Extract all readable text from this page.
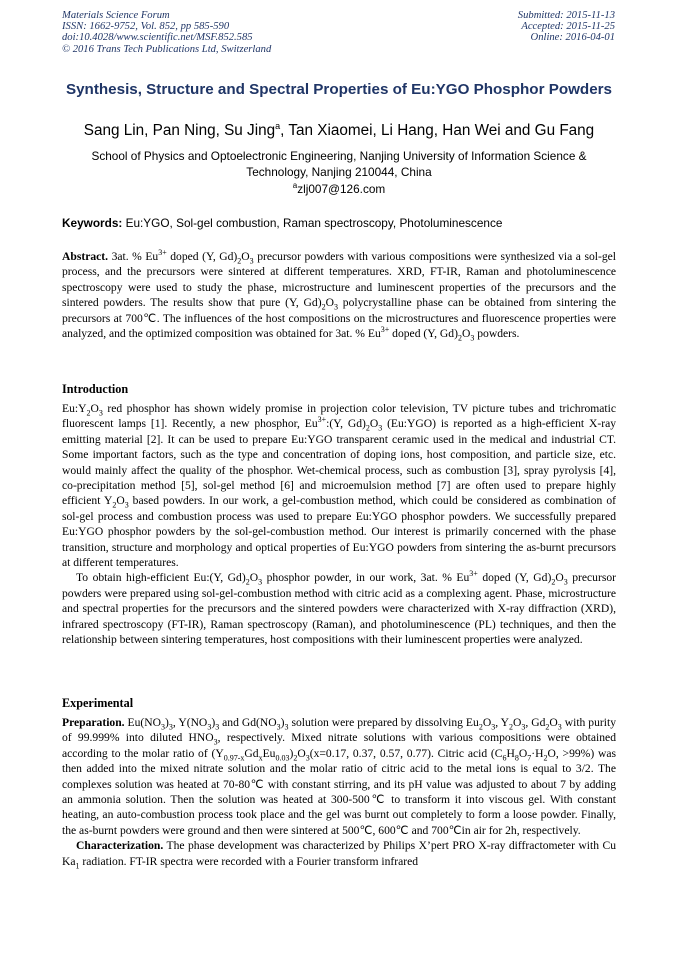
Materials Science Forum
ISSN: 1662-9752, Vol. 852, pp 585-590
doi:10.4028/www.scientific.net/MSF.852.585
© 2016 Trans Tech Publications Ltd, Switzerland
Submitted: 2015-11-13
Accepted: 2015-11-25
Online: 2016-04-01
Synthesis, Structure and Spectral Properties of Eu:YGO Phosphor Powders
Sang Lin, Pan Ning, Su Jing$^a$, Tan Xiaomei, Li Hang, Han Wei and Gu Fang
School of Physics and Optoelectronic Engineering, Nanjing University of Information Science & Technology, Nanjing 210044, China
$^a$zlj007@126.com
Keywords: Eu:YGO, Sol-gel combustion, Raman spectroscopy, Photoluminescence

Abstract. 3at. % $Eu^{3+}$ doped (Y, $Gd)_2O_3$ precursor powders with various compositions were synthesized via a sol-gel process, and the precursors were sintered at different temperatures. XRD, FT-IR, Raman and photoluminescence spectroscopy were used to study the phase, microstructure and luminescent properties of the precursors and the sintered powders. The results show that pure (Y, $Gd)_2O_3$ polycrystalline phase can be obtained from sintering the precursors at 700℃. The influences of the host compositions on the microstructures and fluorescence properties were analyzed, and the optimized composition was obtained for 3at. % $Eu^{3+}$ doped (Y, $Gd)_2O_3$ powders.

Introduction

$Eu:Y_2O_3$ red phosphor has shown widely promise in projection color television, TV picture tubes and trichromatic fluorescent lamps [1]. Recently, a new phosphor, $Eu^{3+}:(Y$, $Gd)_2O_3$ (Eu:YGO) is reported as a high-efficient X-ray emitting material [2]. It can be used to prepare Eu:YGO transparent ceramic used in the medical and industrial CT. Some important factors, such as the type and concentration of doping ions, host composition, and particle size, etc. would mainly affect the quality of the phosphor. Wet-chemical process, such as combustion [3], spray pyrolysis [4], co-precipitation method [5], sol-gel method [6] and microemulsion method [7] are often used to prepare highly efficient $Y_2O_3$ based powders. In our work, a gel-combustion method, which could be considered as combination of sol-gel process and combustion process was used to prepare Eu:YGO phosphor powders. We successfully prepared Eu:YGO phosphor powders by the sol-gel-combustion method. Our interest is primarily concerned with the phase transition, structure and morphology and optical properties of Eu:YGO powders from sintering the as-burnt precursors at different temperatures.

To obtain high-efficient Eu:(Y, $Gd)_2O_3$ phosphor powder, in our work, 3at. % $Eu^{3+}$ doped (Y, $Gd)_2O_3$ precursor powders were prepared using sol-gel-combustion method with citric acid as a complexing agent. Phase, microstructure and spectral properties for the precursors and the sintered powders were characterized with X-ray diffraction (XRD), infrared spectroscopy (FT-IR), Raman spectroscopy (Raman), and photoluminescence (PL) techniques, and then the relationship between sintering temperatures, host compositions with their luminescent properties were analyzed.

Experimental

Preparation. $Eu(NO_3)_3$, $Y(NO_3)_3$ and $Gd(NO_3)_3$ solution were prepared by dissolving $Eu_2O_3$, $Y_2O_3$, $Gd_2O_3$ with purity of 99.999% into diluted $HNO_3$, respectively. Mixed nitrate solutions with various compositions were obtained according to the molar ratio of $(Y_{0.97-x}Gd_xEu_{0.03})_2O_3(x=0.17$, 0.37, 0.57, 0.77). Citric acid ($C_6H_8O_7\cdot H_2O$, >99%) was then added into the mixed nitrate solution and the molar ratio of citric acid to the metal ions is equal to 3/2. The complexes solution was heated at 70-80℃ with constant stirring, and its pH value was adjusted to about 7 by adding an ammonia solution. Then the solution was heated at 300-500℃ to transform it into viscous gel. With constant heating, an auto-combustion process took place and the gel was burnt out completely to form a loose powder. Finally, the as-burnt powders were ground and then were sintered at 500℃, 600℃ and 700℃in air for 2h, respectively.

Characterization. The phase development was characterized by Philips X’pert PRO X-ray diffractometer with Cu $Ka_1$ radiation. FT-IR spectra were recorded with a Fourier transform infrared
